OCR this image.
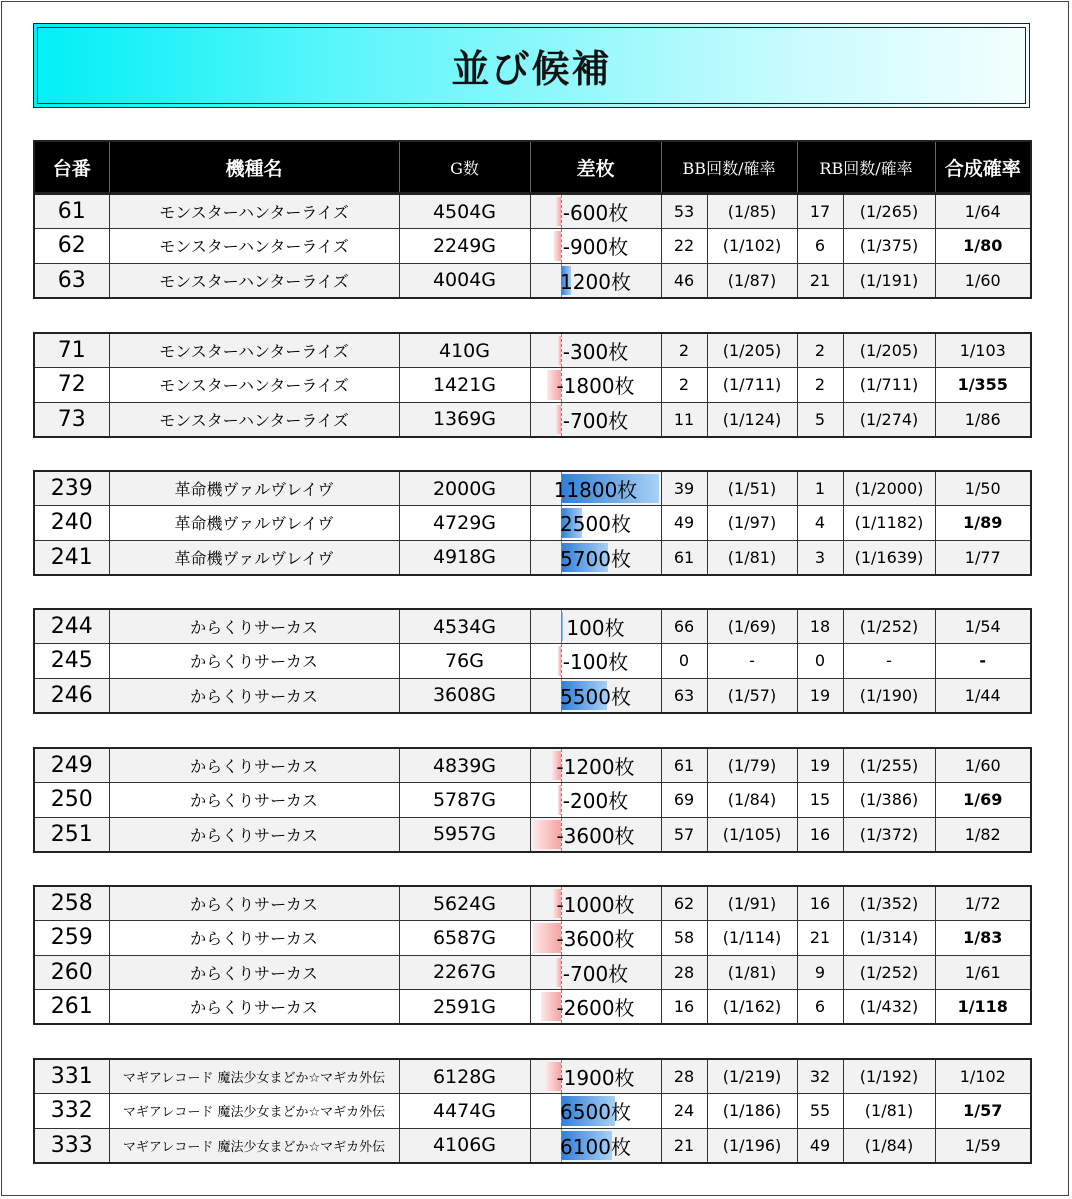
並び候補
台番	機種名	G数	差枚	BB回数/確率	RB回数/確率	合成確率
61	モンスターハンターライズ	4504G	-600枚	53	(1/85)	17	(1/265)	1/64
62	モンスターハンターライズ	2249G	-900枚	22	(1/102)	6	(1/375)	1/80
63	モンスターハンターライズ	4004G	1200枚	46	(1/87)	21	(1/191)	1/60
71	モンスターハンターライズ	410G	-300枚	2	(1/205)	2	(1/205)	1/103
72	モンスターハンターライズ	1421G	-1800枚	2	(1/711)	2	(1/711)	1/355
73	モンスターハンターライズ	1369G	-700枚	11	(1/124)	5	(1/274)	1/86
239	革命機ヴァルヴレイヴ	2000G	11800枚	39	(1/51)	1	(1/2000)	1/50
240	革命機ヴァルヴレイヴ	4729G	2500枚	49	(1/97)	4	(1/1182)	1/89
241	革命機ヴァルヴレイヴ	4918G	5700枚	61	(1/81)	3	(1/1639)	1/77
244	からくりサーカス	4534G	100枚	66	(1/69)	18	(1/252)	1/54
245	からくりサーカス	76G	-100枚	0	-	0	-	-
246	からくりサーカス	3608G	5500枚	63	(1/57)	19	(1/190)	1/44
249	からくりサーカス	4839G	-1200枚	61	(1/79)	19	(1/255)	1/60
250	からくりサーカス	5787G	-200枚	69	(1/84)	15	(1/386)	1/69
251	からくりサーカス	5957G	-3600枚	57	(1/105)	16	(1/372)	1/82
258	からくりサーカス	5624G	-1000枚	62	(1/91)	16	(1/352)	1/72
259	からくりサーカス	6587G	-3600枚	58	(1/114)	21	(1/314)	1/83
260	からくりサーカス	2267G	-700枚	28	(1/81)	9	(1/252)	1/61
261	からくりサーカス	2591G	-2600枚	16	(1/162)	6	(1/432)	1/118
331	マギアレコード 魔法少女まどか☆マギカ外伝	6128G	-1900枚	28	(1/219)	32	(1/192)	1/102
332	マギアレコード 魔法少女まどか☆マギカ外伝	4474G	6500枚	24	(1/186)	55	(1/81)	1/57
333	マギアレコード 魔法少女まどか☆マギカ外伝	4106G	6100枚	21	(1/196)	49	(1/84)	1/59
